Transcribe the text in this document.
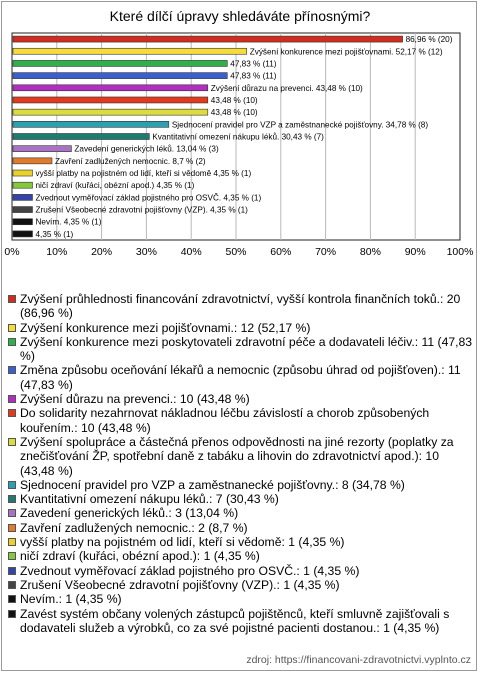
Které dílčí úpravy shledáváte přínosnými?
0%	10% 20% 30% 40% 50% 60% 70% 80% 90% 100%
86,96 % (20)
Zvýšení konkurence mezi pojišťovnami. 52,17 % (12)
47,83 % (11)
47,83 % (11)
Zvýšení důrazu na prevenci. 43,48 % (10)
43,48 % (10)
43,48 % (10)
Sjednocení pravidel pro VZP a zaměstnanecké pojišťovny. 34,78 % (8)
Kvantitativní omezení nákupu léků. 30,43 % (7)
Zavedení generických léků. 13,04 % (3)
Zavření zadlužených nemocnic. 8,7 % (2)
vyšší platby na pojistném od lidí, kteří si vědomě 4,35 % (1)
ničí zdraví (kuřáci, obézní apod.) 4,35 % (1)
Zvednout vyměřovací základ pojistného pro OSVČ. 4,35 % (1)
Zrušení Všeobecné zdravotní pojišťovny (VZP). 4,35 % (1)
Nevím. 4,35 % (1)
4,35 % (1)
Zvýšení průhlednosti financování zdravotnictví, vyšší kontrola finančních toků.: 20 (86,96 %)
Zvýšení konkurence mezi pojišťovnami.: 12 (52,17 %)
Zvýšení konkurence mezi poskytovateli zdravotní péče a dodavateli léčiv.: 11 (47,83 %)
Změna způsobu oceňování lékařů a nemocnic (způsobu úhrad od pojišťoven).: 11 (47,83 %)
Zvýšení důrazu na prevenci.: 10 (43,48 %)
Do solidarity nezahrnovat nákladnou léčbu závislostí a chorob způsobených kouřením.: 10 (43,48 %)
Zvýšení spolupráce a částečná přenos odpovědnosti na jiné rezorty (poplatky za znečišťování ŽP, spotřební daně z tabáku a lihovin do zdravotnictví apod.): 10 (43,48 %)
Sjednocení pravidel pro VZP a zaměstnanecké pojišťovny.: 8 (34,78 %)
Kvantitativní omezení nákupu léků.: 7 (30,43 %)
Zavedení generických léků.: 3 (13,04 %)
Zavření zadlužených nemocnic.: 2 (8,7 %)
vyšší platby na pojistném od lidí, kteří si vědomě: 1 (4,35 %)
ničí zdraví (kuřáci, obézní apod.): 1 (4,35 %)
Zvednout vyměřovací základ pojistného pro OSVČ.: 1 (4,35 %)
Zrušení Všeobecné zdravotní pojišťovny (VZP).: 1 (4,35 %)
Nevím.: 1 (4,35 %)
Zavést systém občany volených zástupců pojištěnců, kteří smluvně zajišťovali s dodavateli služeb a výrobků, co za své pojistné pacienti dostanou.: 1 (4,35 %)
zdroj: https://financovani-zdravotnictvi.vyplnto.cz
